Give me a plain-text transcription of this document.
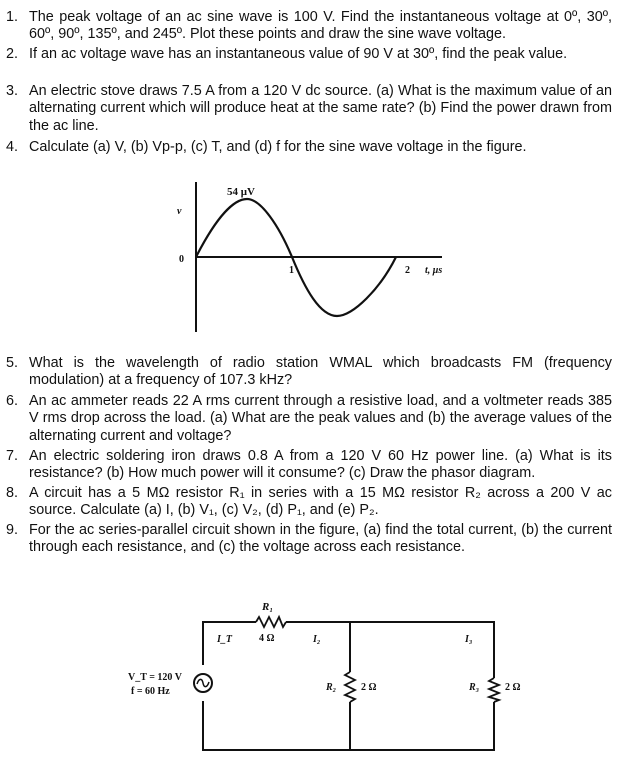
1. The peak voltage of an ac sine wave is 100 V. Find the instantaneous voltage at 0º, 30º, 60º, 90º, 135º, and 245º. Plot these points and draw the sine wave voltage.
2. If an ac voltage wave has an instantaneous value of 90 V at 30º, find the peak value.
3. An electric stove draws 7.5 A from a 120 V dc source. (a) What is the maximum value of an alternating current which will produce heat at the same rate? (b) Find the power drawn from the ac line.
4. Calculate (a) V, (b) Vp-p, (c) T, and (d) f for the sine wave voltage in the figure.
54 μV
v
0
1	2 t, μs
5. What is the wavelength of radio station WMAL which broadcasts FM (frequency modulation) at a frequency of 107.3 kHz?
6. An ac ammeter reads 22 A rms current through a resistive load, and a voltmeter reads 385 V rms drop across the load. (a) What are the peak values and (b) the average values of the alternating current and voltage?
7. An electric soldering iron draws 0.8 A from a 120 V 60 Hz power line. (a) What is its resistance? (b) How much power will it consume? (c) Draw the phasor diagram.
8. A circuit has a 5 MΩ resistor R₁ in series with a 15 MΩ resistor R₂ across a 200 V ac source. Calculate (a) I, (b) V₁, (c) V₂, (d) P₁, and (e) P₂.
9. For the ac series-parallel circuit shown in the figure, (a) find the total current, (b) the current through each resistance, and (c) the voltage across each resistance.
R₁
4 Ω
I_T	I₂	I₃
R₂ 2 Ω	R₃	2 Ω
V_T = 120 V
f = 60 Hz
